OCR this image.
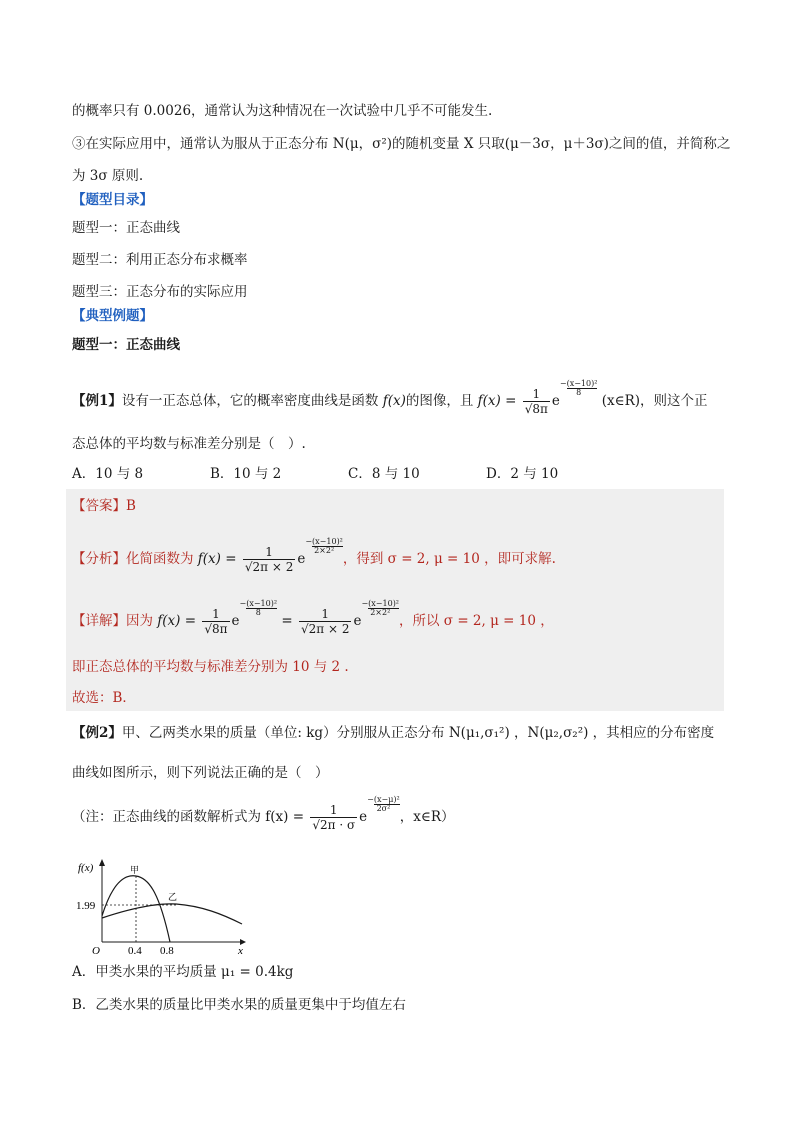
的概率只有 0.0026，通常认为这种情况在一次试验中几乎不可能发生.
③在实际应用中，通常认为服从于正态分布 N(μ，σ²)的随机变量 X 只取(μ－3σ，μ＋3σ)之间的值，并简称之
为 3σ 原则.
【题型目录】
题型一：正态曲线
题型二：利用正态分布求概率
题型三：正态分布的实际应用
【典型例题】
题型一：正态曲线
【例1】设有一正态总体，它的概率密度曲线是函数 f(x)的图像，且 $f(x) = \frac{1}{√8\pi} e-(x-10)^2$
8
(x∈R)，则这个正
态总体的平均数与标准差分别是（　）.
A．10 与 8	B．10 与 2	C．8 与 10	D．2 与 10
【答案】B
【分析】化简函数为 $f(x) = \frac{1}{√2\pi \times 2} e-(x-10)^2$
2×2²
，得到 σ = 2, μ = 10 ，即可求解.
【详解】因为 $f(x) = \frac{1}{√8\pi} e-(x-10)^2$
8
= $\frac{1}{√2\pi \times 2} e-(x-10)^2$
2×2²
，所以 σ = 2, μ = 10 ，
即正态总体的平均数与标准差分别为 10 与 2 .
故选：B．
【例2】甲、乙两类水果的质量（单位: kg）分别服从正态分布 N(μ₁,σ₁²) ，N(μ₂,σ₂²) ，其相应的分布密度
曲线如图所示，则下列说法正确的是（　）
（注：正态曲线的函数解析式为 $f(x) = \frac{1}{√2\pi \cdot \sigma} e-(x-\mu)^2$
2σ²
，x∈R）
f(x)
x
O
1.99
0.4 0.8
甲
乙
A．甲类水果的平均质量 μ₁ = 0.4kg
B．乙类水果的质量比甲类水果的质量更集中于均值左右
